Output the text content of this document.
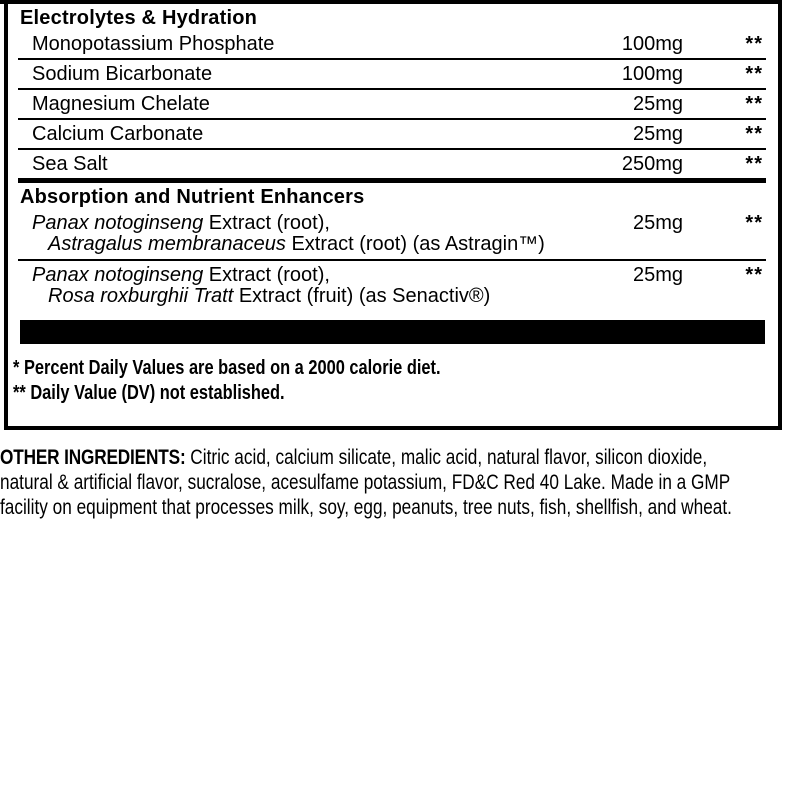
Electrolytes & Hydration
Monopotassium Phosphate	100mg	**
Sodium Bicarbonate	100mg	**
Magnesium Chelate	25mg	**
Calcium Carbonate	25mg	**
Sea Salt	250mg	**
Absorption and Nutrient Enhancers
Panax notoginseng Extract (root),	25mg	**
Astragalus membranaceus Extract (root) (as Astragin™)
Panax notoginseng Extract (root),	25mg	**
Rosa roxburghii Tratt Extract (fruit) (as Senactiv®)
* Percent Daily Values are based on a 2000 calorie diet.
** Daily Value (DV) not established.
OTHER INGREDIENTS: Citric acid, calcium silicate, malic acid, natural flavor, silicon dioxide,
natural & artificial flavor, sucralose, acesulfame potassium, FD&C Red 40 Lake. Made in a GMP
facility on equipment that processes milk, soy, egg, peanuts, tree nuts, fish, shellfish, and wheat.
